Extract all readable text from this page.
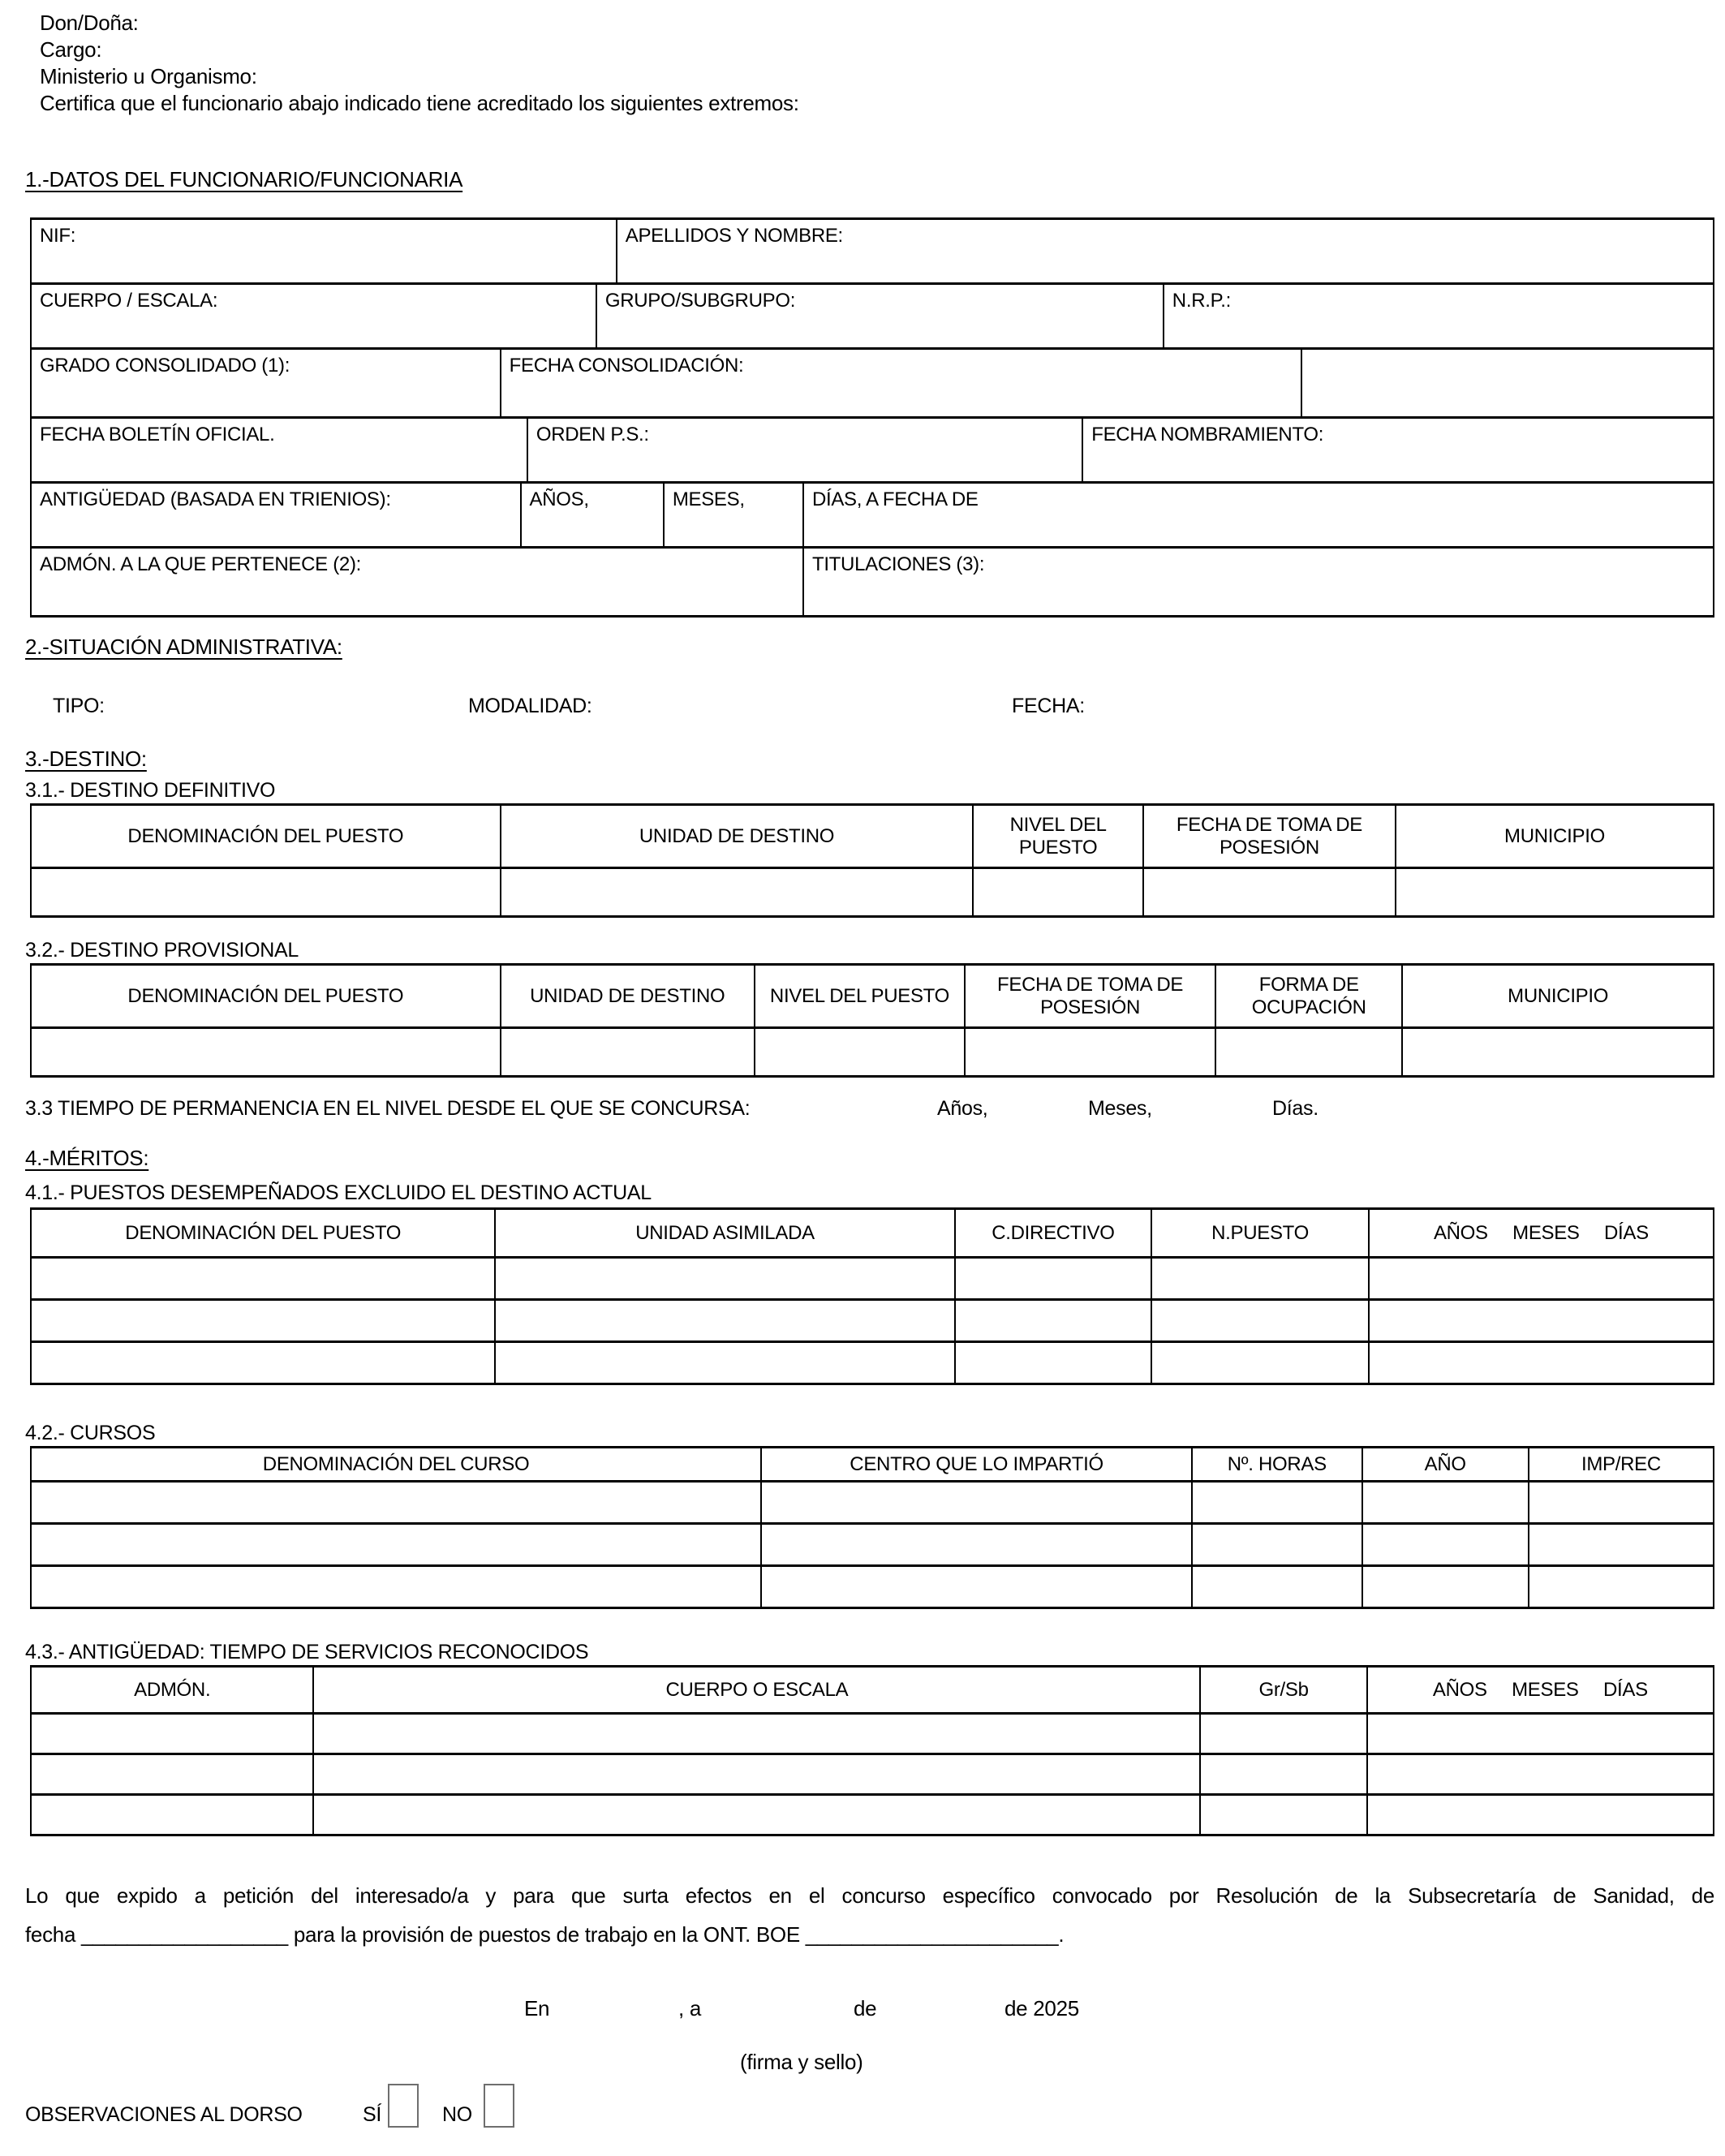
Don/Doña:
Cargo:
Ministerio u Organismo:
Certifica que el funcionario abajo indicado tiene acreditado los siguientes extremos:
1.-DATOS DEL FUNCIONARIO/FUNCIONARIA
NIF:	APELLIDOS Y NOMBRE:
CUERPO / ESCALA:	GRUPO/SUBGRUPO:	N.R.P.:
GRADO CONSOLIDADO (1):	FECHA CONSOLIDACIÓN:	
FECHA BOLETÍN OFICIAL.	ORDEN P.S.:	FECHA NOMBRAMIENTO:
ANTIGÜEDAD (BASADA EN TRIENIOS):	AÑOS,	MESES,	DÍAS, A FECHA DE
ADMÓN. A LA QUE PERTENECE (2):	TITULACIONES (3):
2.-SITUACIÓN ADMINISTRATIVA:
TIPO:	MODALIDAD:	FECHA:
3.-DESTINO:
3.1.- DESTINO DEFINITIVO
DENOMINACIÓN DEL PUESTO	UNIDAD DE DESTINO	NIVEL DEL PUESTO	FECHA DE TOMA DE POSESIÓN	MUNICIPIO

3.2.- DESTINO PROVISIONAL
DENOMINACIÓN DEL PUESTO	UNIDAD DE DESTINO	NIVEL DEL PUESTO	FECHA DE TOMA DE POSESIÓN	FORMA DE OCUPACIÓN	MUNICIPIO

3.3 TIEMPO DE PERMANENCIA EN EL NIVEL DESDE EL QUE SE CONCURSA:	Años,	Meses,	Días.
4.-MÉRITOS:
4.1.- PUESTOS DESEMPEÑADOS EXCLUIDO EL DESTINO ACTUAL
DENOMINACIÓN DEL PUESTO	UNIDAD ASIMILADA	C.DIRECTIVO	N.PUESTO	AÑOS MESES DÍAS

4.2.- CURSOS
DENOMINACIÓN DEL CURSO	CENTRO QUE LO IMPARTIÓ	Nº. HORAS	AÑO	IMP/REC

4.3.- ANTIGÜEDAD: TIEMPO DE SERVICIOS RECONOCIDOS
ADMÓN.	CUERPO O ESCALA	Gr/Sb	AÑOS MESES DÍAS

Lo que expido a petición del interesado/a y para que surta efectos en el concurso específico convocado por Resolución de la Subsecretaría de Sanidad, de
fecha __________________ para la provisión de puestos de trabajo en la ONT. BOE ______________________.
En	, a	de	de 2025
(firma y sello)
OBSERVACIONES AL DORSO	SÍ	NO
